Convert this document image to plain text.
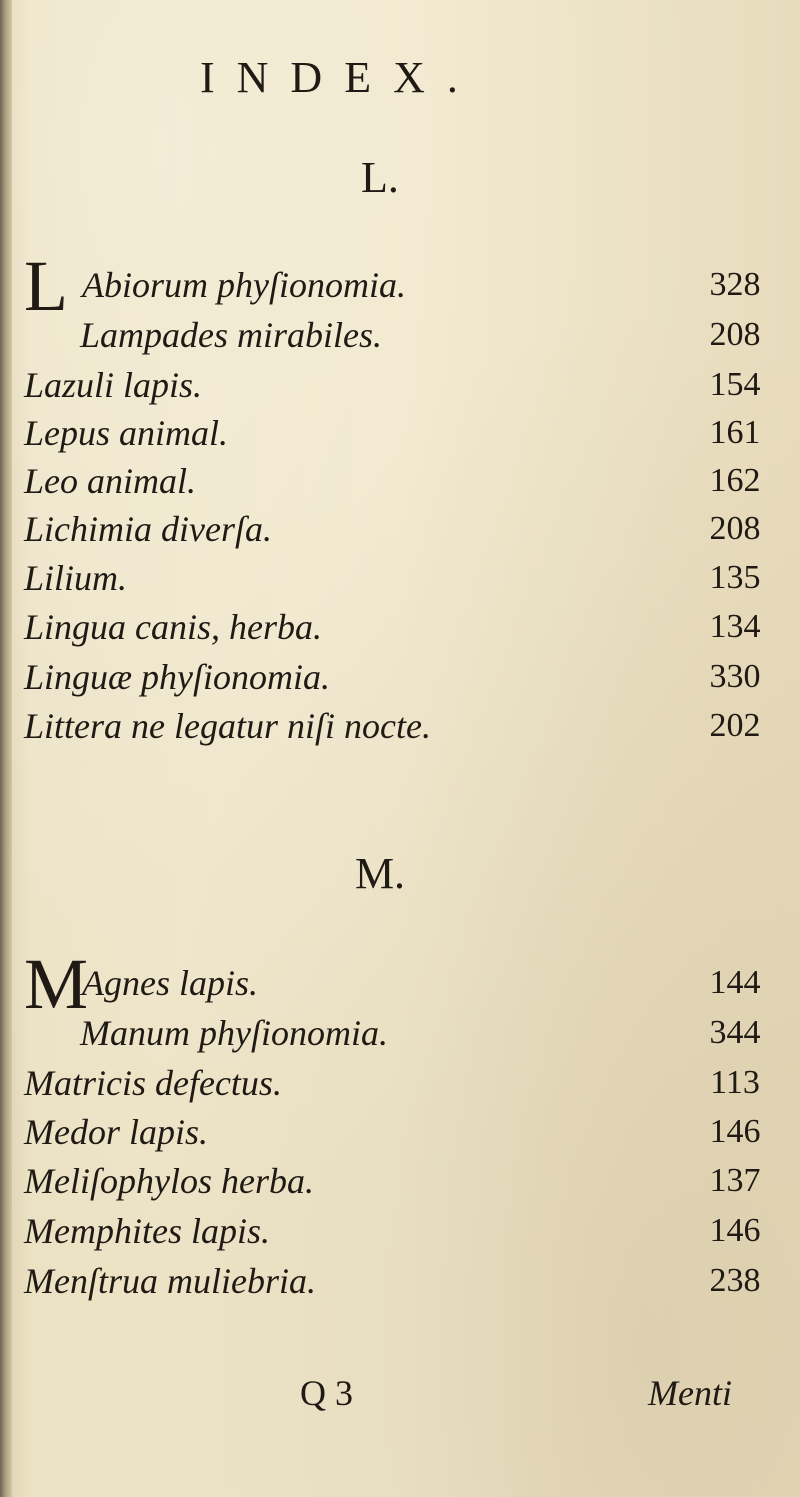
INDEX.
L.
L Abiorum phyſionomia.	328
Lampades mirabiles.	208
Lazuli lapis.	154
Lepus animal.	161
Leo animal.	162
Lichimia diverſa.	208
Lilium.	135
Lingua canis, herba.	134
Linguæ phyſionomia.	330
Littera ne legatur niſi nocte.	202
M.
MAgnes lapis.	144
Manum phyſionomia.	344
Matricis defectus.	113
Medor lapis.	146
Meliſophylos herba.	137
Memphites lapis.	146
Menſtrua muliebria.	238
Q 3	Menti
